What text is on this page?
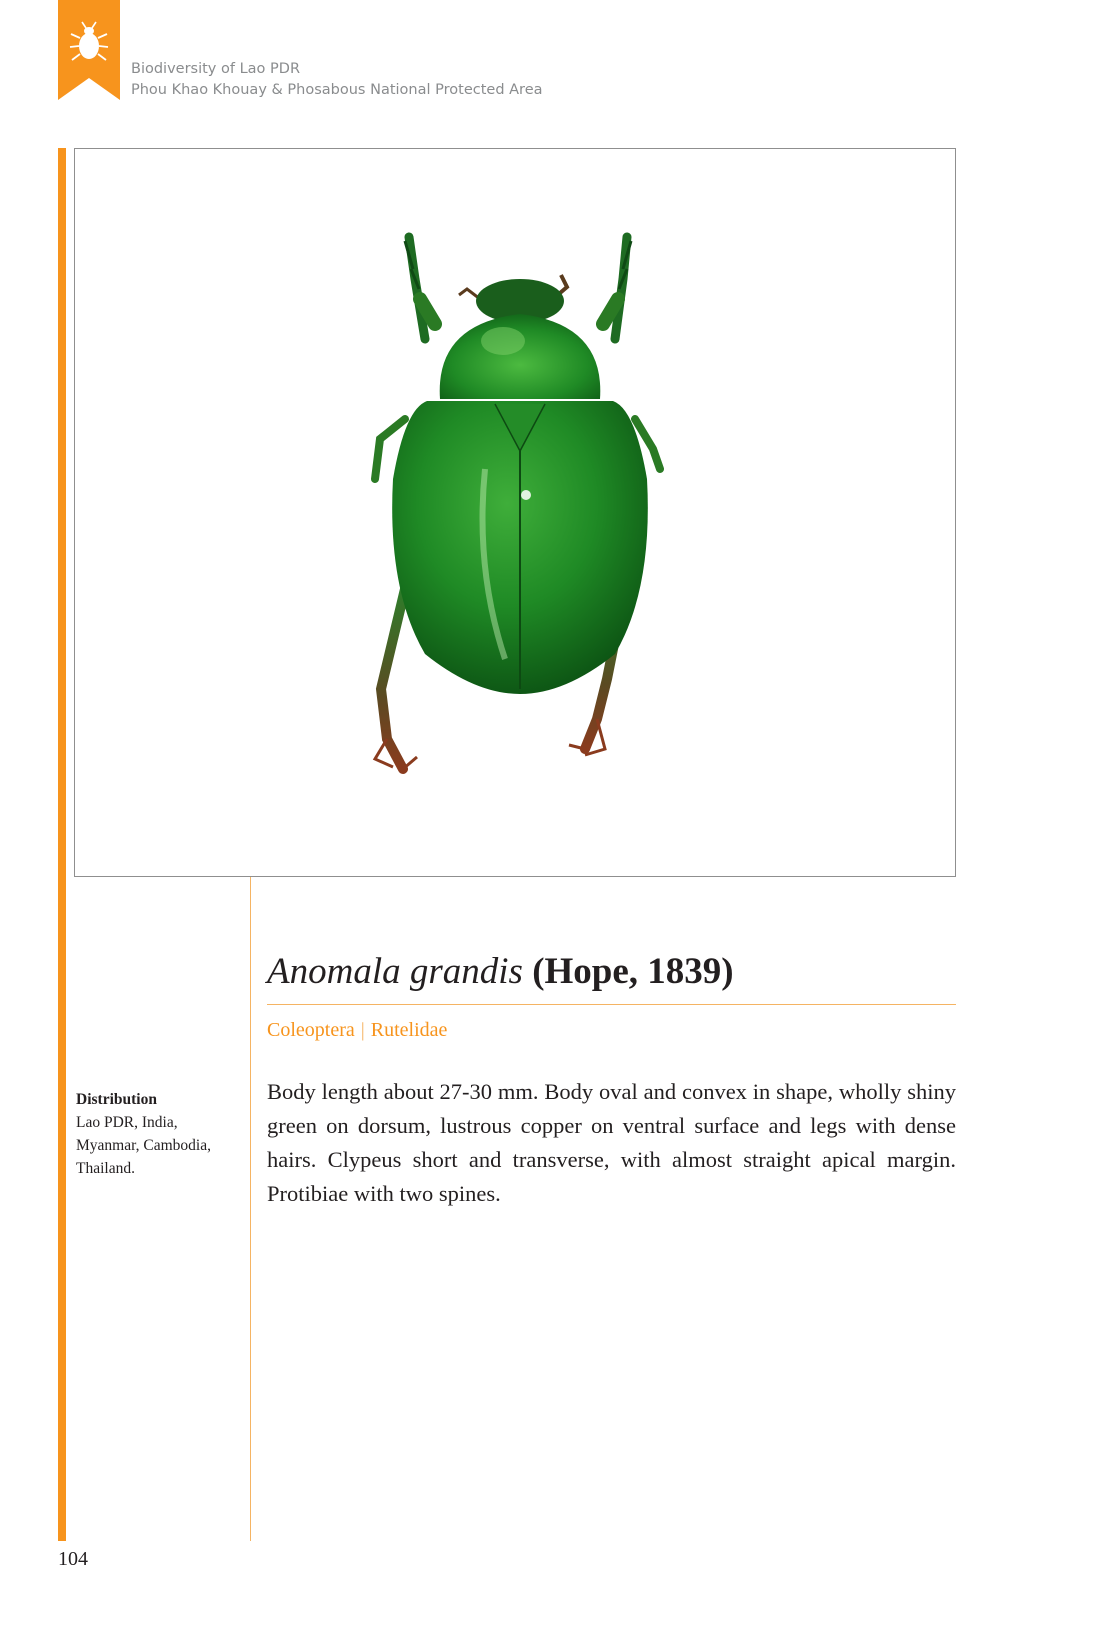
Biodiversity of Lao PDR
Phou Khao Khouay & Phosabous National Protected Area
Anomala grandis (Hope, 1839)
Coleoptera | Rutelidae
Distribution
Lao PDR, India,
Myanmar, Cambodia,
Thailand.

Body length about 27-30 mm. Body oval and convex in shape, wholly shiny green on dorsum, lustrous copper on ventral surface and legs with dense hairs. Clypeus short and transverse, with almost straight apical margin. Protibiae with two spines.

104
